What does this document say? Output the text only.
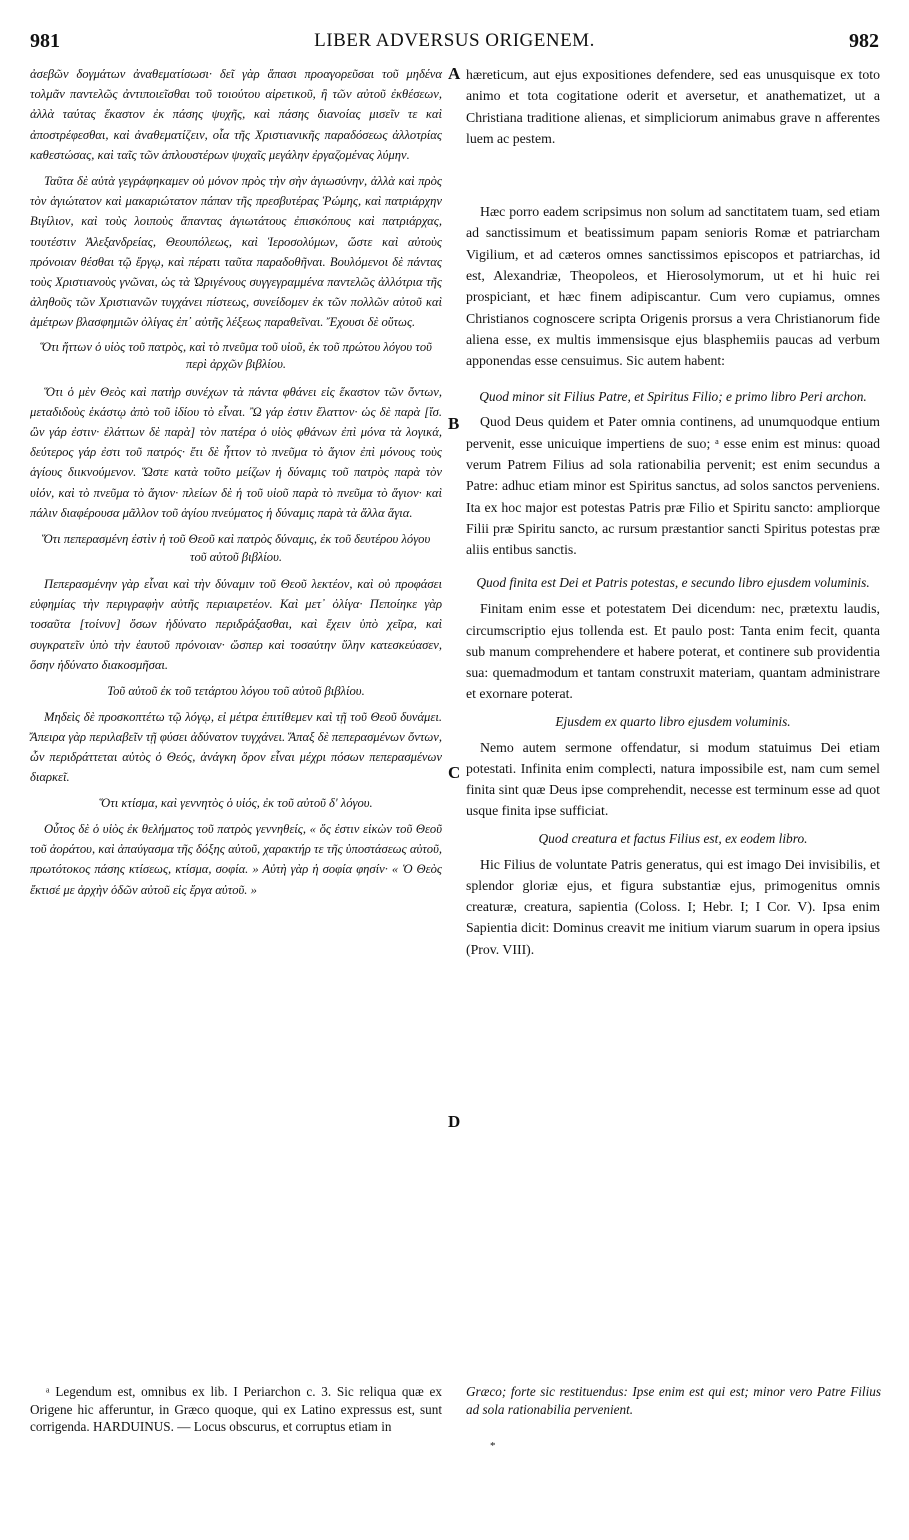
981	LIBER ADVERSUS ORIGENEM.	982

ἀσεβῶν δογμάτων ἀναθεματίσωσι· δεῖ γὰρ ἅπασι προαγορεῦσαι τοῦ μηδένα τολμᾶν παντελῶς ἀντιποιεῖσθαι τοῦ τοιούτου αἱρετικοῦ, ἢ τῶν αὐτοῦ ἐκθέσεων, ἀλλὰ ταύτας ἕκαστον ἐκ πάσης ψυχῆς, καὶ πάσης διανοίας μισεῖν τε καὶ ἀποστρέφεσθαι, καὶ ἀναθεματίζειν, οἷα τῆς Χριστιανικῆς παραδόσεως ἀλλοτρίας καθεστώσας, καὶ ταῖς τῶν ἁπλουστέρων ψυχαῖς μεγάλην ἐργαζομένας λύμην.

Ταῦτα δὲ αὐτὰ γεγράφηκαμεν οὐ μόνον πρὸς τὴν σὴν ἁγιωσύνην, ἀλλὰ καὶ πρὸς τὸν ἁγιώτατον καὶ μακαριώτατον πάπαν τῆς πρεσβυτέρας Ῥώμης, καὶ πατριάρχην Βιγίλιον, καὶ τοὺς λοιποὺς ἅπαντας ἁγιωτάτους ἐπισκόπους καὶ πατριάρχας, τουτέστιν Ἀλεξανδρείας, Θεουπόλεως, καὶ Ἱεροσολύμων, ὥστε καὶ αὐτοὺς πρόνοιαν θέσθαι τῷ ἔργῳ, καὶ πέρατι ταῦτα παραδοθῆναι. Βουλόμενοι δὲ πάντας τοὺς Χριστιανοὺς γνῶναι, ὡς τὰ Ὠριγένους συγγεγραμμένα παντελῶς ἀλλότρια τῆς ἀληθοῦς τῶν Χριστιανῶν τυγχάνει πίστεως, συνείδομεν ἐκ τῶν πολλῶν αὐτοῦ καὶ ἀμέτρων βλασφημιῶν ὀλίγας ἐπ᾿ αὐτῆς λέξεως παραθεῖναι. Ἔχουσι δὲ οὕτως.

Ὅτι ἥττων ὁ υἱὸς τοῦ πατρὸς, καὶ τὸ πνεῦμα τοῦ υἱοῦ, ἐκ τοῦ πρώτου λόγου τοῦ περὶ ἀρχῶν βιβλίου.

Ὅτι ὁ μὲν Θεὸς καὶ πατὴρ συνέχων τὰ πάντα φθάνει εἰς ἕκαστον τῶν ὄντων, μεταδιδοὺς ἑκάστῳ ἀπὸ τοῦ ἰδίου τὸ εἶναι. Ὢ γάρ ἐστιν ἔλαττον· ὡς δὲ παρὰ [ἴσ. ὢν γάρ ἐστιν· ἐλάττων δὲ παρὰ] τὸν πατέρα ὁ υἱὸς φθάνων ἐπὶ μόνα τὰ λογικά, δεύτερος γάρ ἐστι τοῦ πατρός· ἔτι δὲ ἧττον τὸ πνεῦμα τὸ ἅγιον ἐπὶ μόνους τοὺς ἁγίους διικνούμενον. Ὥστε κατὰ τοῦτο μείζων ἡ δύναμις τοῦ πατρὸς παρὰ τὸν υἱόν, καὶ τὸ πνεῦμα τὸ ἅγιον· πλείων δὲ ἡ τοῦ υἱοῦ παρὰ τὸ πνεῦμα τὸ ἅγιον· καὶ πάλιν διαφέρουσα μᾶλλον τοῦ ἁγίου πνεύματος ἡ δύναμις παρὰ τὰ ἄλλα ἅγια.

Ὅτι πεπερασμένη ἐστὶν ἡ τοῦ Θεοῦ καὶ πατρὸς δύναμις, ἐκ τοῦ δευτέρου λόγου τοῦ αὐτοῦ βιβλίου.

Πεπερασμένην γὰρ εἶναι καὶ τὴν δύναμιν τοῦ Θεοῦ λεκτέον, καὶ οὐ προφάσει εὐφημίας τὴν περιγραφὴν αὐτῆς περιαιρετέον. Καὶ μετ᾿ ὀλίγα· Πεποίηκε γὰρ τοσαῦτα [τοίνυν] ὅσων ἠδύνατο περιδράξασθαι, καὶ ἔχειν ὑπὸ χεῖρα, καὶ συγκρατεῖν ὑπὸ τὴν ἑαυτοῦ πρόνοιαν· ὥσπερ καὶ τοσαύτην ὕλην κατεσκεύασεν, ὅσην ἠδύνατο διακοσμῆσαι.

Τοῦ αὐτοῦ ἐκ τοῦ τετάρτου λόγου τοῦ αὐτοῦ βιβλίου.

Μηδεὶς δὲ προσκοπτέτω τῷ λόγῳ, εἰ μέτρα ἐπιτίθεμεν καὶ τῇ τοῦ Θεοῦ δυνάμει. Ἄπειρα γὰρ περιλαβεῖν τῇ φύσει ἀδύνατον τυγχάνει. Ἅπαξ δὲ πεπερασμένων ὄντων, ὧν περιδράττεται αὐτὸς ὁ Θεός, ἀνάγκη ὅρον εἶναι μέχρι πόσων πεπερασμένων διαρκεῖ.

Ὅτι κτίσμα, καὶ γεννητὸς ὁ υἱός, ἐκ τοῦ αὐτοῦ δ' λόγου.

Οὗτος δὲ ὁ υἱὸς ἐκ θελήματος τοῦ πατρὸς γεννηθείς, « ὅς ἐστιν εἰκὼν τοῦ Θεοῦ τοῦ ἀοράτου, καὶ ἀπαύγασμα τῆς δόξης αὐτοῦ, χαρακτήρ τε τῆς ὑποστάσεως αὐτοῦ, πρωτότοκος πάσης κτίσεως, κτίσμα, σοφία. » Αὐτὴ γὰρ ἡ σοφία φησίν· « Ὁ Θεὸς ἔκτισέ με ἀρχὴν ὁδῶν αὐτοῦ εἰς ἔργα αὐτοῦ. »

hæreticum, aut ejus expositiones defendere, sed eas unusquisque ex toto animo et tota cogitatione oderit et aversetur, et anathematizet, ut a Christiana traditione alienas, et simpliciorum animabus grave n afferentes luem ac pestem.

Hæc porro eadem scripsimus non solum ad sanctitatem tuam, sed etiam ad sanctissimum et beatissimum papam senioris Romæ et patriarcham Vigilium, et ad cæteros omnes sanctissimos episcopos et patriarchas, id est, Alexandriæ, Theopoleos, et Hierosolymorum, ut et hi huic rei prospiciant, et hæc finem adipiscantur. Cum vero cupiamus, omnes Christianos cognoscere scripta Origenis prorsus a vera Christianorum fide aliena esse, ex multis immensisque ejus blasphemiis paucas ad verbum apponendas esse censuimus. Sic autem habent:

Quod minor sit Filius Patre, et Spiritus Filio; e primo libro Peri archon.

Quod Deus quidem et Pater omnia continens, ad unumquodque entium pervenit, esse unicuique impertiens de suo; ᵃ esse enim est minus: quoad verum Patrem Filius ad sola rationabilia pervenit; est enim secundus a Patre: adhuc etiam minor est Spiritus sanctus, ad solos sanctos perveniens. Ita ex hoc major est potestas Patris præ Filio et Spiritu sancto: ampliorque Filii præ Spiritu sancto, ac rursum præstantior sancti Spiritus potestas præ aliis entibus sanctis.

Quod finita est Dei et Patris potestas, e secundo libro ejusdem voluminis.

Finitam enim esse et potestatem Dei dicendum: nec, prætextu laudis, circumscriptio ejus tollenda est. Et paulo post: Tanta enim fecit, quanta sub manum comprehendere et habere poterat, et continere sub providentia sua: quemadmodum et tantam construxit materiam, quantam administrare et exornare poterat.

Ejusdem ex quarto libro ejusdem voluminis.

Nemo autem sermone offendatur, si modum statuimus Dei etiam potestati. Infinita enim complecti, natura impossibile est, nam cum semel finita sint quæ Deus ipse comprehendit, necesse est terminum esse ad quot usque finita ipse sufficiat.

Quod creatura et factus Filius est, ex eodem libro.

Hic Filius de voluntate Patris generatus, qui est imago Dei invisibilis, et splendor gloriæ ejus, et figura substantiæ ejus, primogenitus omnis creaturæ, creatura, sapientia (Coloss. I; Hebr. I; I Cor. V). Ipsa enim Sapientia dicit: Dominus creavit me initium viarum suarum in opera ipsius (Prov. VIII).

A
B
C
D

ᵃ Legendum est, omnibus ex lib. I Periarchon c. 3. Sic reliqua quæ ex Origene hic afferuntur, in Græco quoque, qui ex Latino expressus est, sunt corrigenda. HARDUINUS. — Locus obscurus, et corruptus etiam in

Græco; forte sic restituendus: Ipse enim est qui est; minor vero Patre Filius ad sola rationabilia pervenient.

*
